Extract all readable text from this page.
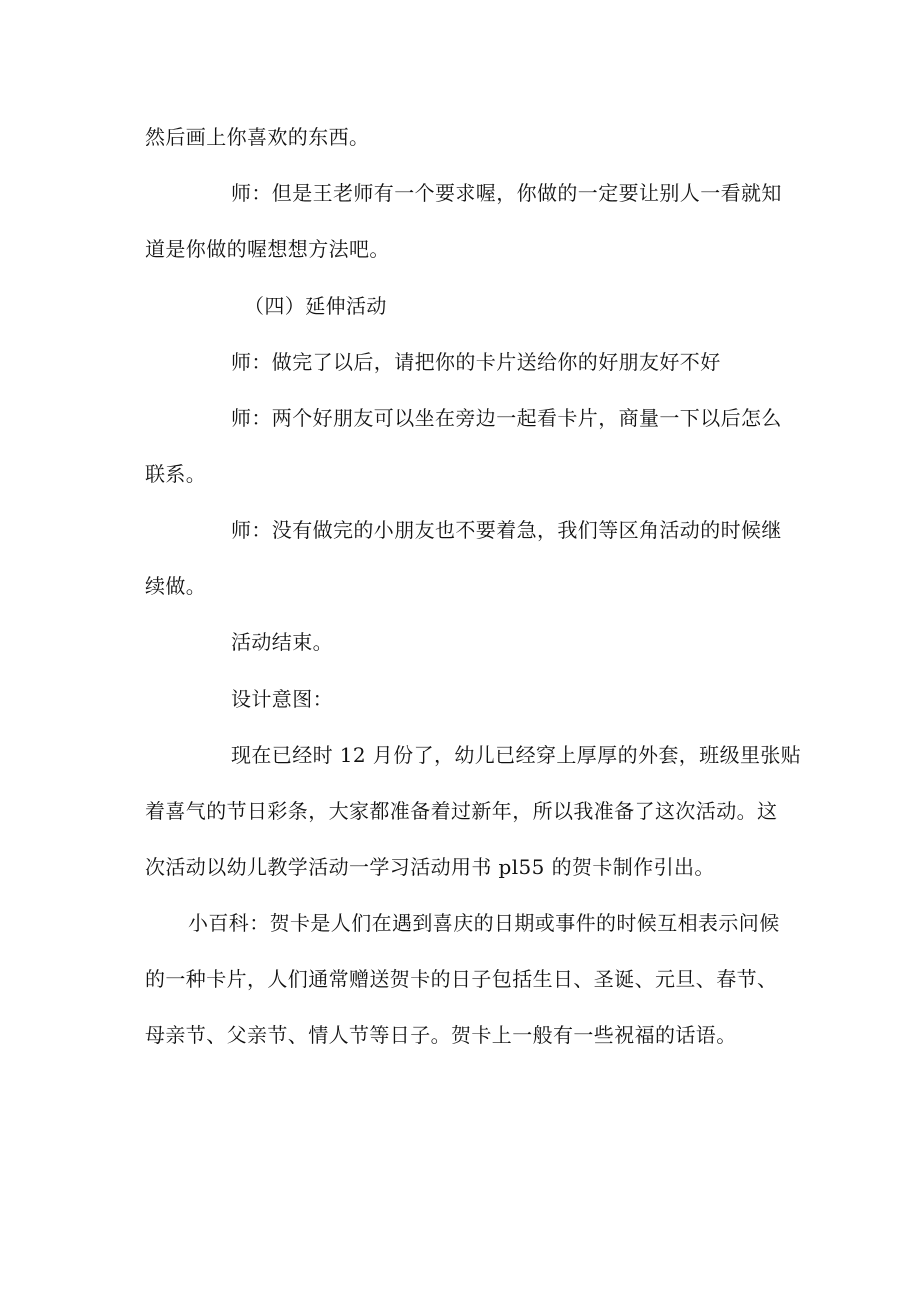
然后画上你喜欢的东西。
师：但是王老师有一个要求喔，你做的一定要让别人一看就知
道是你做的喔想想方法吧。
（四）延伸活动
师：做完了以后，请把你的卡片送给你的好朋友好不好
师：两个好朋友可以坐在旁边一起看卡片，商量一下以后怎么
联系。
师：没有做完的小朋友也不要着急，我们等区角活动的时候继
续做。
活动结束。
设计意图：
现在已经时 12 月份了，幼儿已经穿上厚厚的外套，班级里张贴
着喜气的节日彩条，大家都准备着过新年，所以我准备了这次活动。这
次活动以幼儿教学活动一学习活动用书 pl55 的贺卡制作引出。
小百科：贺卡是人们在遇到喜庆的日期或事件的时候互相表示问候
的一种卡片，人们通常赠送贺卡的日子包括生日、圣诞、元旦、春节、
母亲节、父亲节、情人节等日子。贺卡上一般有一些祝福的话语。
